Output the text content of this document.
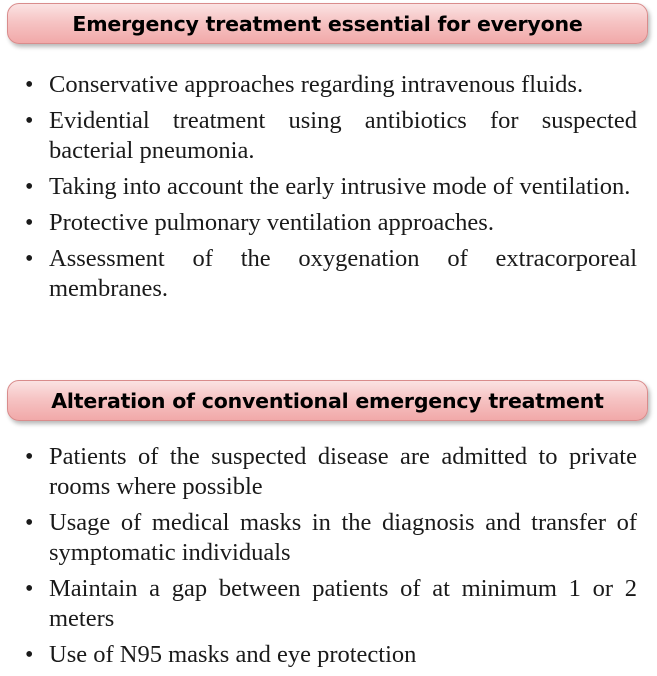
Emergency treatment essential for everyone
• Conservative approaches regarding intravenous fluids.
• Evidential treatment using antibiotics for suspected bacterial pneumonia.
• Taking into account the early intrusive mode of ventilation.
• Protective pulmonary ventilation approaches.
• Assessment of the oxygenation of extracorporeal membranes.
Alteration of conventional emergency treatment
• Patients of the suspected disease are admitted to private rooms where possible
• Usage of medical masks in the diagnosis and transfer of symptomatic individuals
• Maintain a gap between patients of at minimum 1 or 2 meters
• Use of N95 masks and eye protection
